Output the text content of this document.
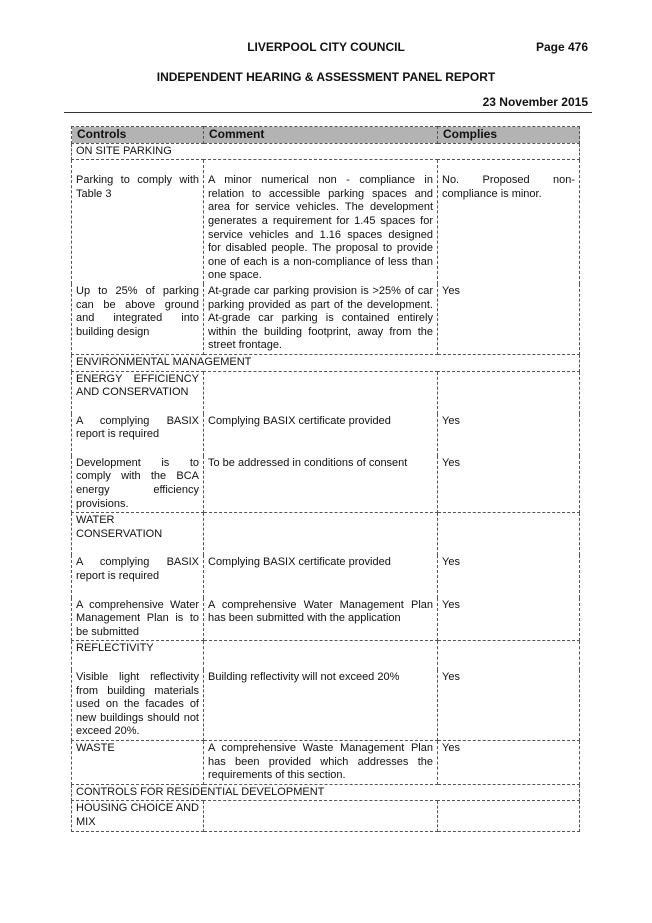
LIVERPOOL CITY COUNCIL	Page 476
INDEPENDENT HEARING & ASSESSMENT PANEL REPORT
23 November 2015
Controls	Comment	Complies
ON SITE PARKING		
Parking to comply with Table 3	A minor numerical non - compliance in relation to accessible parking spaces and area for service vehicles. The development generates a requirement for 1.45 spaces for service vehicles and 1.16 spaces designed for disabled people. The proposal to provide one of each is a non-compliance of less than one space.	No. Proposed non-compliance is minor.
Up to 25% of parking can be above ground and integrated into building design	At-grade car parking provision is >25% of car parking provided as part of the development. At-grade car parking is contained entirely within the building footprint, away from the street frontage.	Yes
ENVIRONMENTAL MANAGEMENT		
ENERGY EFFICIENCY AND CONSERVATION		
A complying BASIX report is required	Complying BASIX certificate provided	Yes
Development is to comply with the BCA energy efficiency provisions.	To be addressed in conditions of consent	Yes
WATER CONSERVATION		
A complying BASIX report is required	Complying BASIX certificate provided	Yes
A comprehensive Water Management Plan is to be submitted	A comprehensive Water Management Plan has been submitted with the application	Yes
REFLECTIVITY		
Visible light reflectivity from building materials used on the facades of new buildings should not exceed 20%.	Building reflectivity will not exceed 20%	Yes
WASTE	A comprehensive Waste Management Plan has been provided which addresses the requirements of this section.	Yes
CONTROLS FOR RESIDENTIAL DEVELOPMENT		
HOUSING CHOICE AND MIX		
